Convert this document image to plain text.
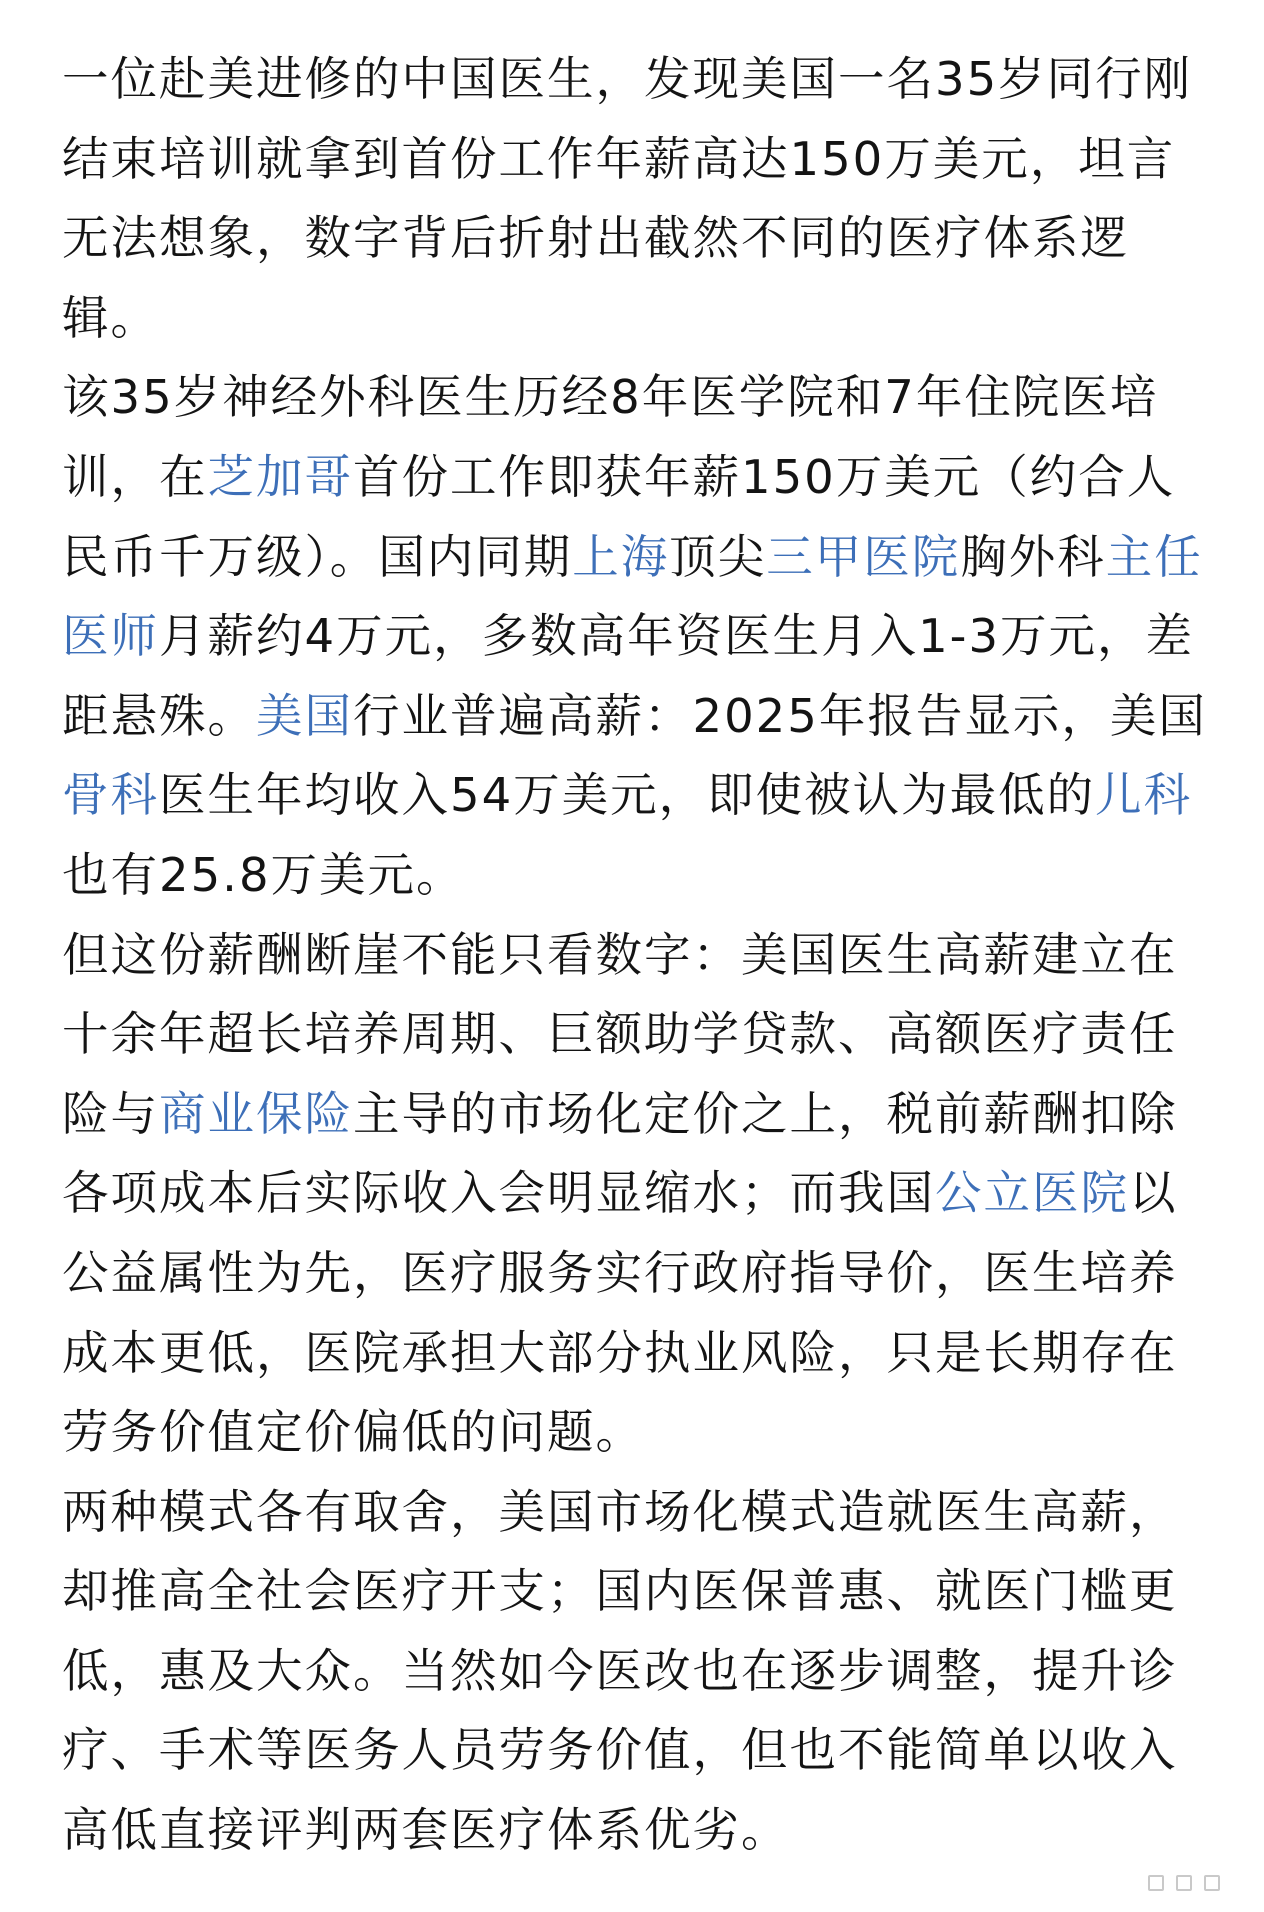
一位赴美进修的中国医生，发现美国一名35岁同行刚结束培训就拿到首份工作年薪高达150万美元，坦言无法想象，数字背后折射出截然不同的医疗体系逻辑。

该35岁神经外科医生历经8年医学院和7年住院医培训，在芝加哥首份工作即获年薪150万美元（约合人民币千万级）。国内同期上海顶尖三甲医院胸外科主任医师月薪约4万元，多数高年资医生月入1-3万元，差距悬殊。美国行业普遍高薪：2025年报告显示，美国骨科医生年均收入54万美元，即使被认为最低的儿科也有25.8万美元。

但这份薪酬断崖不能只看数字：美国医生高薪建立在十余年超长培养周期、巨额助学贷款、高额医疗责任险与商业保险主导的市场化定价之上，税前薪酬扣除各项成本后实际收入会明显缩水；而我国公立医院以公益属性为先，医疗服务实行政府指导价，医生培养成本更低，医院承担大部分执业风险，只是长期存在劳务价值定价偏低的问题。

两种模式各有取舍，美国市场化模式造就医生高薪，却推高全社会医疗开支；国内医保普惠、就医门槛更低，惠及大众。当然如今医改也在逐步调整，提升诊疗、手术等医务人员劳务价值，但也不能简单以收入高低直接评判两套医疗体系优劣。
